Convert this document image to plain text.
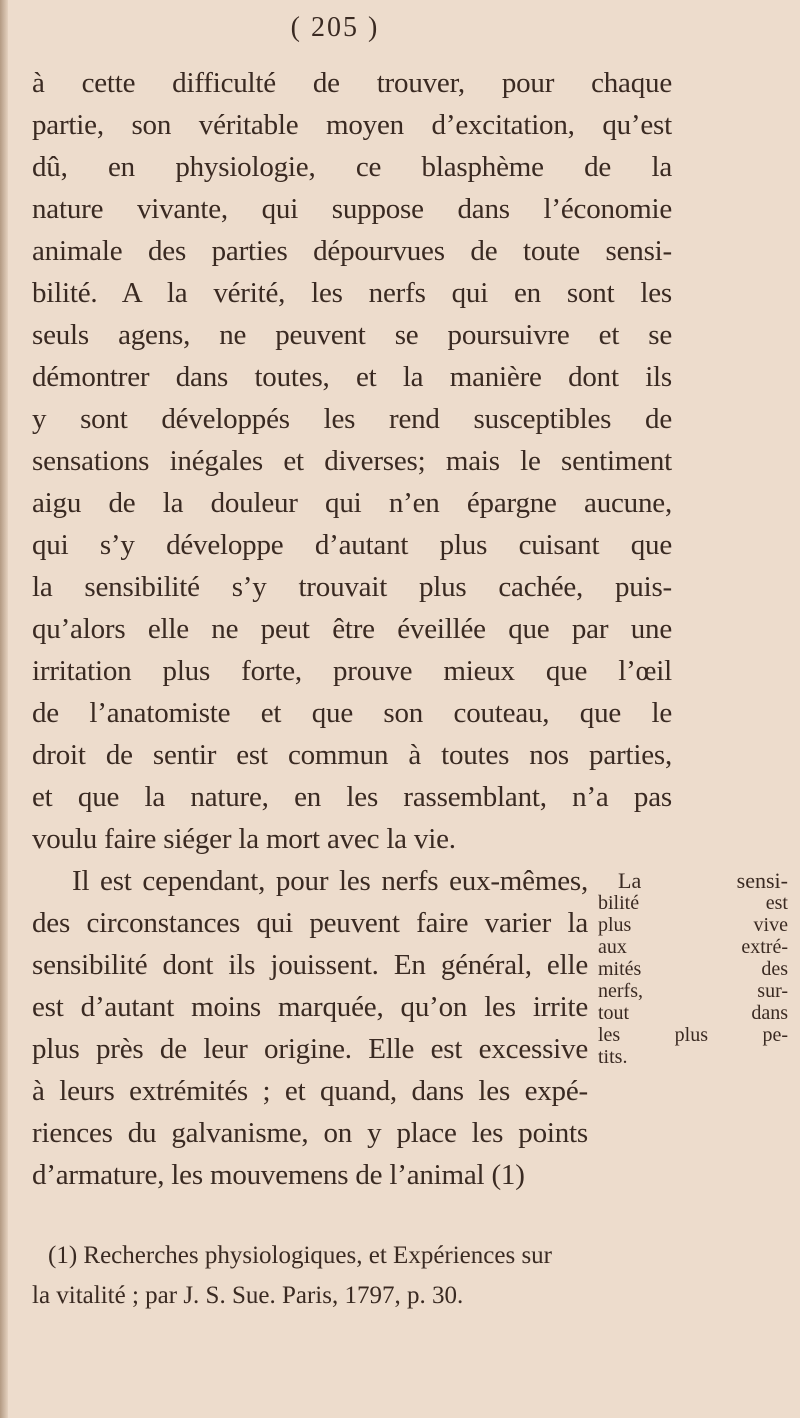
( 205 )
à cette difficulté de trouver, pour chaque
partie, son véritable moyen d’excitation, qu’est
dû, en physiologie, ce blasphème de la
nature vivante, qui suppose dans l’économie
animale des parties dépourvues de toute sensi-
bilité. A la vérité, les nerfs qui en sont les
seuls agens, ne peuvent se poursuivre et se
démontrer dans toutes, et la manière dont ils
y sont développés les rend susceptibles de
sensations inégales et diverses; mais le sentiment
aigu de la douleur qui n’en épargne aucune,
qui s’y développe d’autant plus cuisant que
la sensibilité s’y trouvait plus cachée, puis-
qu’alors elle ne peut être éveillée que par une
irritation plus forte, prouve mieux que l’œil
de l’anatomiste et que son couteau, que le
droit de sentir est commun à toutes nos parties,
et que la nature, en les rassemblant, n’a pas
voulu faire siéger la mort avec la vie.
Il est cependant, pour les nerfs eux-mêmes,
des circonstances qui peuvent faire varier la
sensibilité dont ils jouissent. En général, elle
est d’autant moins marquée, qu’on les irrite
plus près de leur origine. Elle est excessive
à leurs extrémités ; et quand, dans les expé-
riences du galvanisme, on y place les points
d’armature, les mouvemens de l’animal (1)
La sensi-
bilité est
plus vive
aux extré-
mités des
nerfs, sur-
tout dans
les plus pe-
tits.
(1) Recherches physiologiques, et Expériences sur
la vitalité ; par J. S. Sue. Paris, 1797, p. 30.
